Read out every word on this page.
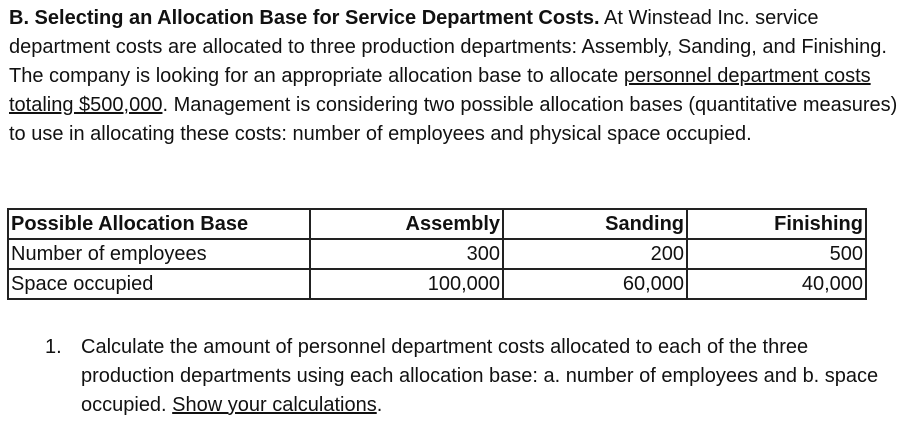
B. Selecting an Allocation Base for Service Department Costs. At Winstead Inc. service department costs are allocated to three production departments: Assembly, Sanding, and Finishing. The company is looking for an appropriate allocation base to allocate personnel department costs totaling $500,000. Management is considering two possible allocation bases (quantitative measures) to use in allocating these costs: number of employees and physical space occupied.

Possible Allocation Base	Assembly	Sanding	Finishing
Number of employees	300	200	500
Space occupied	100,000	60,000	40,000
1. Calculate the amount of personnel department costs allocated to each of the three production departments using each allocation base: a. number of employees and b. space occupied. Show your calculations.
